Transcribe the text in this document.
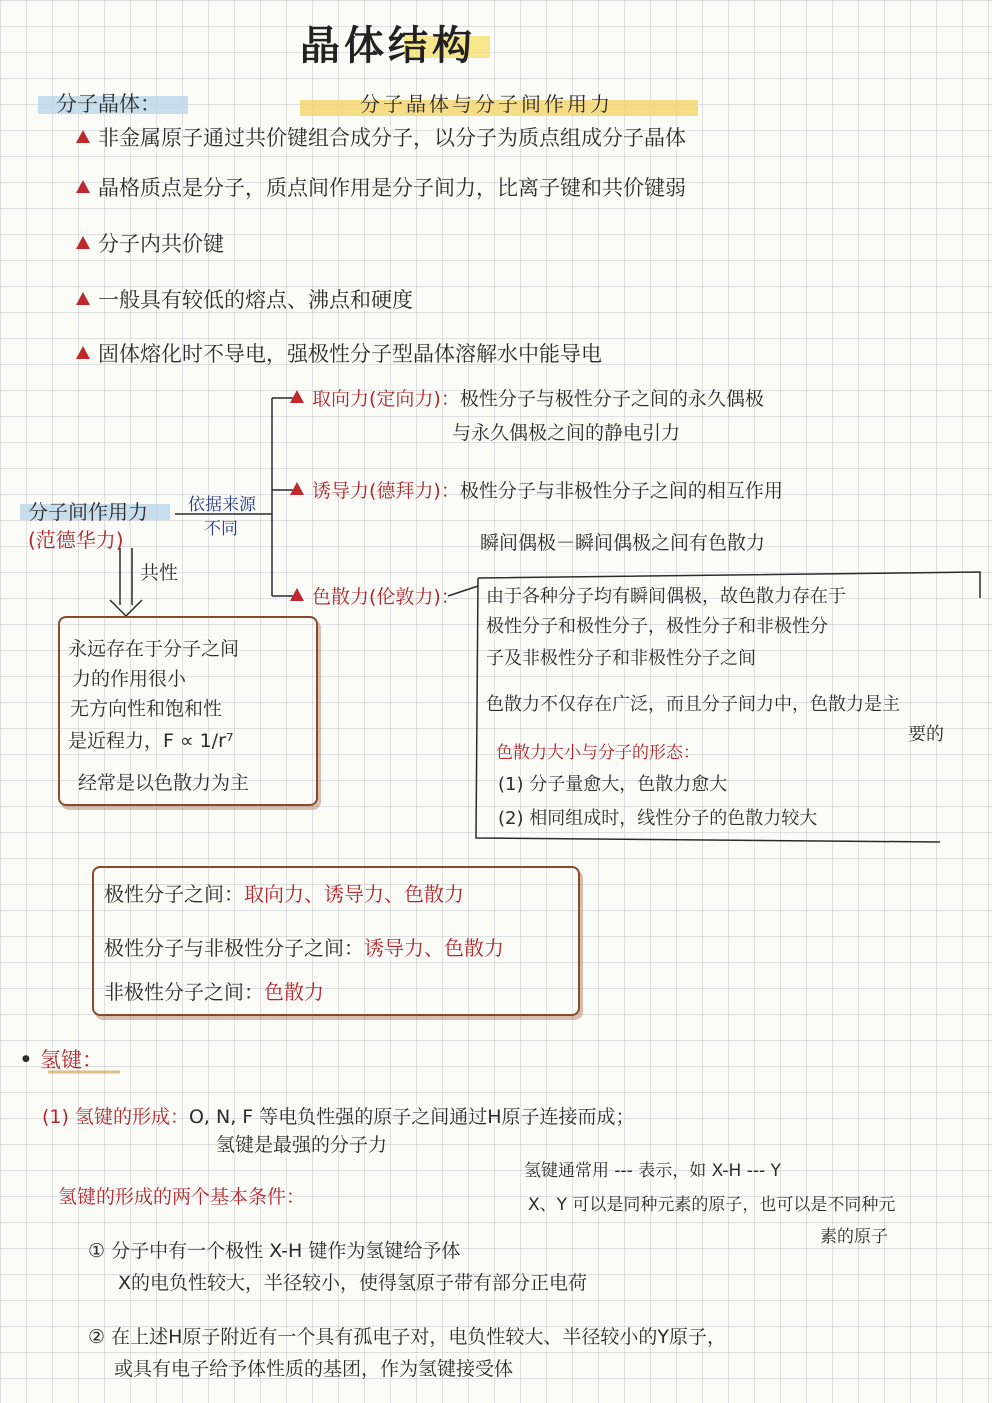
晶体结构
分子晶体：	分子晶体与分子间作用力
非金属原子通过共价键组合成分子，以分子为质点组成分子晶体
晶格质点是分子，质点间作用是分子间力，比离子键和共价键弱
分子内共价键
一般具有较低的熔点、沸点和硬度
固体熔化时不导电，强极性分子型晶体溶解水中能导电
分子间作用力
(范德华力)
依据来源
不同
共性
取向力(定向力)：极性分子与极性分子之间的永久偶极
与永久偶极之间的静电引力
诱导力(德拜力)：极性分子与非极性分子之间的相互作用
瞬间偶极－瞬间偶极之间有色散力
色散力(伦敦力)： 由于各种分子均有瞬间偶极，故色散力存在于
极性分子和极性分子，极性分子和非极性分
子及非极性分子和非极性分子之间
色散力不仅存在广泛，而且分子间力中，色散力是主
要的
色散力大小与分子的形态：
(1) 分子量愈大，色散力愈大
(2) 相同组成时，线性分子的色散力较大
永远存在于分子之间
力的作用很小
无方向性和饱和性
是近程力，F ∝ 1/r⁷
经常是以色散力为主
极性分子之间：取向力、诱导力、色散力
极性分子与非极性分子之间：诱导力、色散力
非极性分子之间：色散力
● 氢键：
(1) 氢键的形成：O, N, F 等电负性强的原子之间通过H原子连接而成；
氢键是最强的分子力
氢键通常用 --- 表示，如 X-H --- Y
X、Y 可以是同种元素的原子，也可以是不同种元
素的原子
氢键的形成的两个基本条件：
① 分子中有一个极性 X-H 键作为氢键给予体
X的电负性较大，半径较小，使得氢原子带有部分正电荷
② 在上述H原子附近有一个具有孤电子对，电负性较大、半径较小的Y原子，
或具有电子给予体性质的基团，作为氢键接受体
